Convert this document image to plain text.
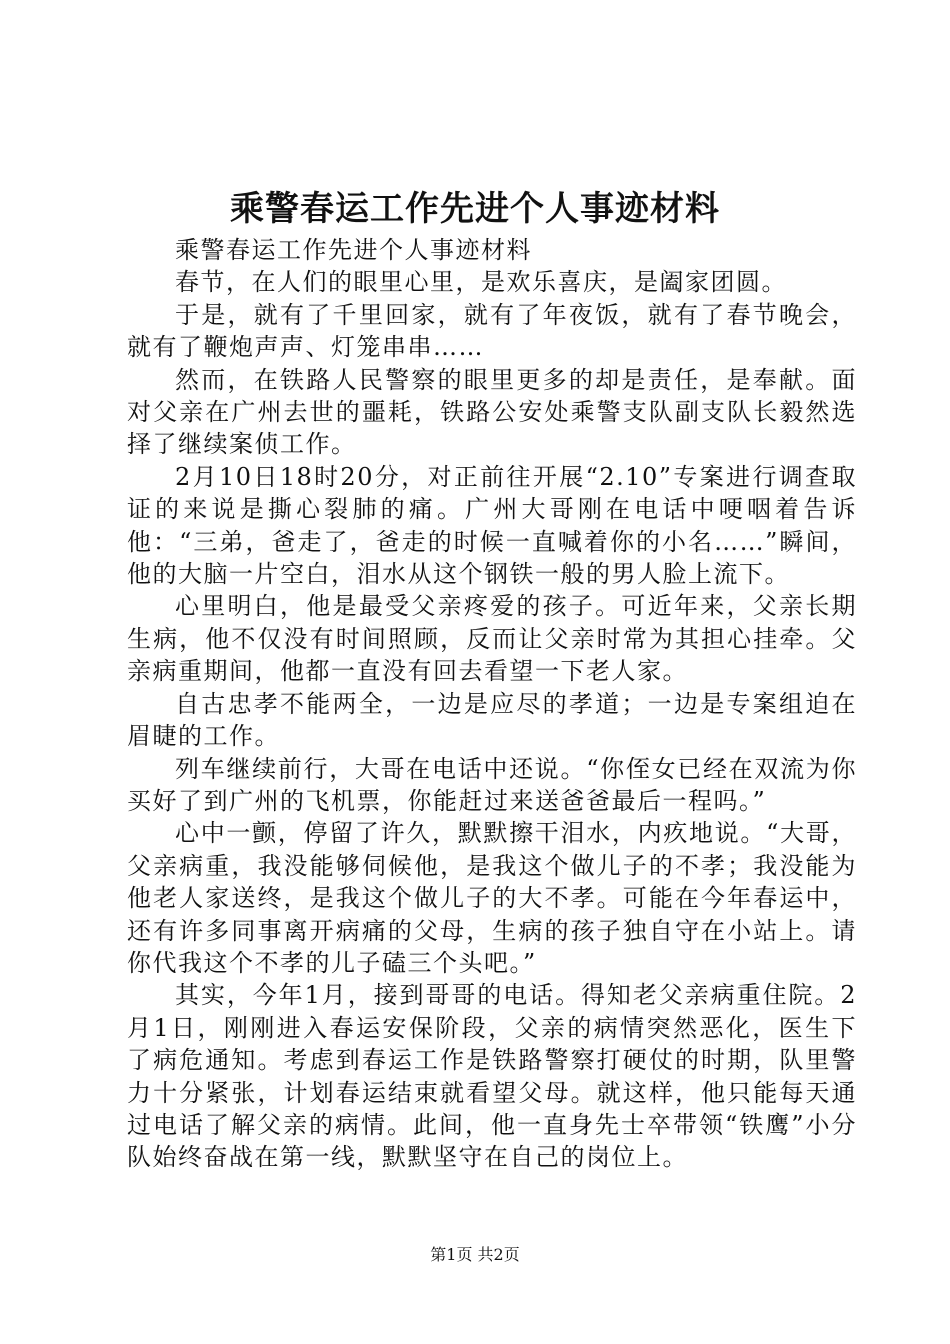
乘警春运工作先进个人事迹材料

乘警春运工作先进个人事迹材料

春节，在人们的眼里心里，是欢乐喜庆，是阖家团圆。

于是，就有了千里回家，就有了年夜饭，就有了春节晚会，就有了鞭炮声声、灯笼串串……

然而，在铁路人民警察的眼里更多的却是责任，是奉献。面对父亲在广州去世的噩耗，铁路公安处乘警支队副支队长毅然选择了继续案侦工作。

2月10日18时20分，对正前往开展“2.10”专案进行调查取证的来说是撕心裂肺的痛。广州大哥刚在电话中哽咽着告诉他：“三弟，爸走了，爸走的时候一直喊着你的小名……”瞬间，他的大脑一片空白，泪水从这个钢铁一般的男人脸上流下。

心里明白，他是最受父亲疼爱的孩子。可近年来，父亲长期生病，他不仅没有时间照顾，反而让父亲时常为其担心挂牵。父亲病重期间，他都一直没有回去看望一下老人家。

自古忠孝不能两全，一边是应尽的孝道；一边是专案组迫在眉睫的工作。

列车继续前行，大哥在电话中还说。“你侄女已经在双流为你买好了到广州的飞机票，你能赶过来送爸爸最后一程吗。”

心中一颤，停留了许久，默默擦干泪水，内疚地说。“大哥，父亲病重，我没能够伺候他，是我这个做儿子的不孝；我没能为他老人家送终，是我这个做儿子的大不孝。可能在今年春运中，还有许多同事离开病痛的父母，生病的孩子独自守在小站上。请你代我这个不孝的儿子磕三个头吧。”

其实，今年1月，接到哥哥的电话。得知老父亲病重住院。2月1日，刚刚进入春运安保阶段，父亲的病情突然恶化，医生下了病危通知。考虑到春运工作是铁路警察打硬仗的时期，队里警力十分紧张，计划春运结束就看望父母。就这样，他只能每天通过电话了解父亲的病情。此间，他一直身先士卒带领“铁鹰”小分队始终奋战在第一线，默默坚守在自己的岗位上。

第1页 共2页
